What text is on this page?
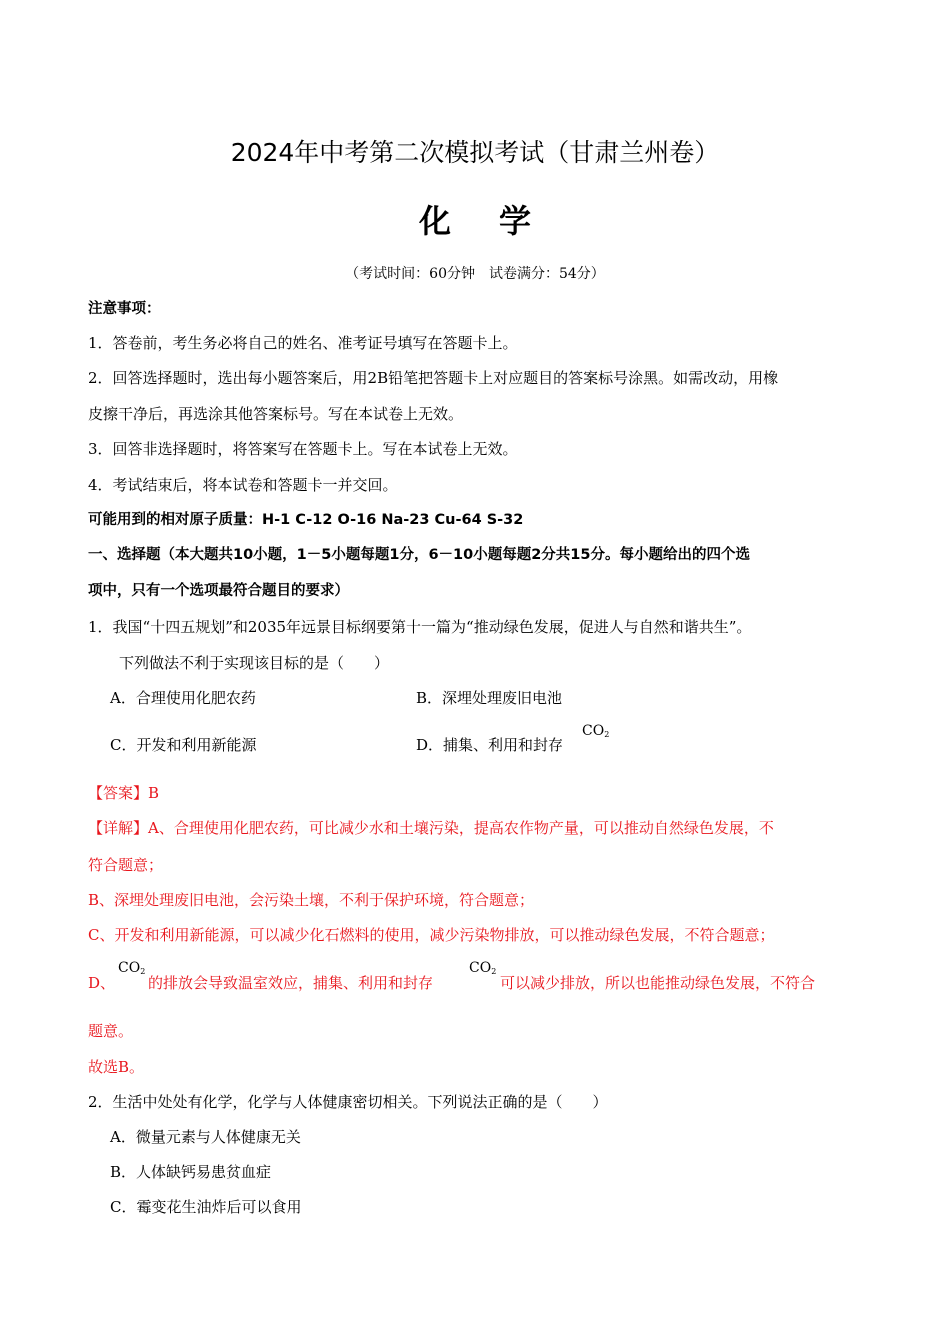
2024年中考第二次模拟考试（甘肃兰州卷）
化学
（考试时间：60分钟　试卷满分：54分）
注意事项：
1．答卷前，考生务必将自己的姓名、准考证号填写在答题卡上。
2．回答选择题时，选出每小题答案后，用2B铅笔把答题卡上对应题目的答案标号涂黑。如需改动，用橡
皮擦干净后，再选涂其他答案标号。写在本试卷上无效。
3．回答非选择题时，将答案写在答题卡上。写在本试卷上无效。
4．考试结束后，将本试卷和答题卡一并交回。
可能用到的相对原子质量：H-1 C-12 O-16 Na-23 Cu-64 S-32
一、选择题（本大题共10小题，1－5小题每题1分，6－10小题每题2分共15分。每小题给出的四个选
项中，只有一个选项最符合题目的要求）
1．我国“十四五规划”和2035年远景目标纲要第十一篇为“推动绿色发展，促进人与自然和谐共生”。
下列做法不利于实现该目标的是（　　）
A．合理使用化肥农药	B．深埋处理废旧电池
C．开发和利用新能源	D．捕集、利用和封存
$CO_2$
【答案】B
【详解】A、合理使用化肥农药，可比减少水和土壤污染，提高农作物产量，可以推动自然绿色发展，不
符合题意；
B、深埋处理废旧电池，会污染土壤，不利于保护环境，符合题意；
C、开发和利用新能源，可以减少化石燃料的使用，减少污染物排放，可以推动绿色发展，不符合题意；
D、
$CO_2$
的排放会导致温室效应，捕集、利用和封存
$CO_2$
可以减少排放，所以也能推动绿色发展，不符合
题意。
故选B。
2．生活中处处有化学，化学与人体健康密切相关。下列说法正确的是（　　）
A．微量元素与人体健康无关
B．人体缺钙易患贫血症
C．霉变花生油炸后可以食用
